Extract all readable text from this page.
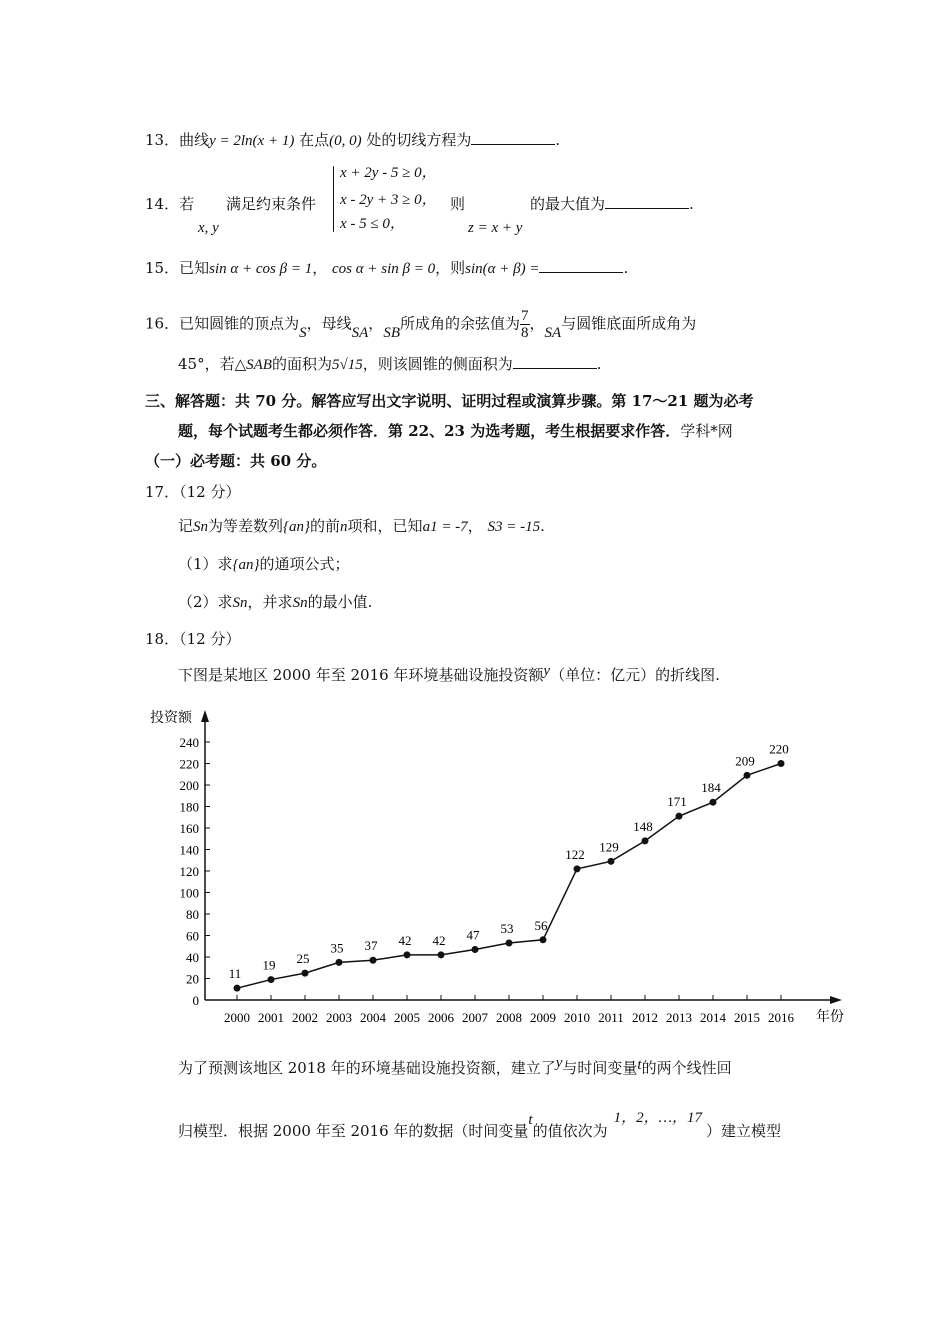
13．曲线y = 2ln(x + 1) 在点(0, 0) 处的切线方程为	.
14．若
x, y
满足约束条件
x + 2y - 5 ≥ 0，
x - 2y + 3 ≥ 0，
x - 5 ≤ 0，
则
z = x + y
的最大值为	.
15．已知sin α + cos β = 1， cos α + sin β = 0，则sin(α + β) =	.
16．已知圆锥的顶点为S，母线SA，SB所成角的余弦值为 $\frac{7}{8}$ ，SA与圆锥底面所成角为
45°，若△SAB的面积为5√15，则该圆锥的侧面积为	.
三、解答题：共 70 分。解答应写出文字说明、证明过程或演算步骤。第 17～21 题为必考
题，每个试题考生都必须作答．第 22、23 为选考题，考生根据要求作答．学科*网
（一）必考题：共 60 分。
17．（12 分）
记Sn为等差数列{an}的前n项和，已知a1 = -7， S3 = -15.
（1）求{an}的通项公式；
（2）求Sn，并求Sn的最小值.
18．（12 分）
下图是某地区 2000 年至 2016 年环境基础设施投资额y（单位：亿元）的折线图.
0
20
40
60
80
100
120
140
160
180
200
220
240
2000 2001 2002 2003 2004 2005 2006 2007 2008 2009 2010 2011 2012 2013 2014 2015 2016
11
19 25
35 37 42 42 47 53 56
122
129
148
171
184
209
220
投资额
年份
为了预测该地区 2018 年的环境基础设施投资额，建立了y与时间变量t的两个线性回
归模型．根据 2000 年至 2016 年的数据（时间变量t的值依次为1，2，…，17）建立模型
